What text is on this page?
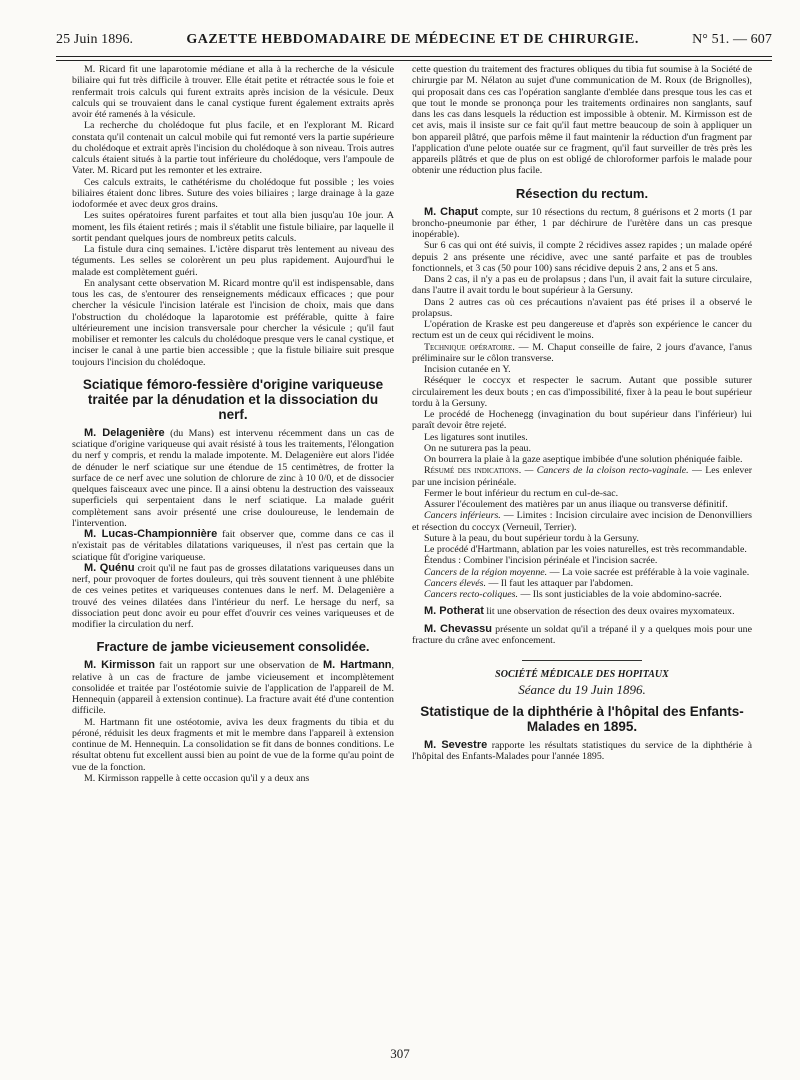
25 Juin 1896.	GAZETTE HEBDOMADAIRE DE MÉDECINE ET DE CHIRURGIE.	N° 51. — 607

M. Ricard fit une laparotomie médiane et alla à la recherche de la vésicule biliaire qui fut très difficile à trouver. Elle était petite et rétractée sous le foie et renfermait trois calculs qui furent extraits après incision de la vésicule. Deux calculs qui se trouvaient dans le canal cystique furent également extraits après avoir été ramenés à la vésicule.

La recherche du cholédoque fut plus facile, et en l'explorant M. Ricard constata qu'il contenait un calcul mobile qui fut remonté vers la partie supérieure du cholédoque et extrait après l'incision du cholédoque à son niveau. Trois autres calculs étaient situés à la partie tout inférieure du cholédoque, vers l'ampoule de Vater. M. Ricard put les remonter et les extraire.

Ces calculs extraits, le cathétérisme du cholédoque fut possible ; les voies biliaires étaient donc libres. Suture des voies biliaires ; large drainage à la gaze iodoformée et avec deux gros drains.

Les suites opératoires furent parfaites et tout alla bien jusqu'au 10e jour. A moment, les fils étaient retirés ; mais il s'établit une fistule biliaire, par laquelle il sortit pendant quelques jours de nombreux petits calculs.

La fistule dura cinq semaines. L'ictère disparut très lentement au niveau des téguments. Les selles se colorèrent un peu plus rapidement. Aujourd'hui le malade est complètement guéri.

En analysant cette observation M. Ricard montre qu'il est indispensable, dans tous les cas, de s'entourer des renseignements médicaux efficaces ; que pour chercher la vésicule l'incision latérale est l'incision de choix, mais que dans l'obstruction du cholédoque la laparotomie est préférable, quitte à faire ultérieurement une incision transversale pour chercher la vésicule ; qu'il faut mobiliser et remonter les calculs du cholédoque presque vers le canal cystique, et inciser le canal à une partie bien accessible ; que la fistule biliaire suit presque toujours l'incision du cholédoque.

Sciatique fémoro-fessière d'origine variqueuse traitée par la dénudation et la dissociation du nerf.

M. Delagenière (du Mans) est intervenu récemment dans un cas de sciatique d'origine variqueuse qui avait résisté à tous les traitements, l'élongation du nerf y compris, et rendu la malade impotente. M. Delagenière eut alors l'idée de dénuder le nerf sciatique sur une étendue de 15 centimètres, de frotter la surface de ce nerf avec une solution de chlorure de zinc à 10 0/0, et de dissocier quelques faisceaux avec une pince. Il a ainsi obtenu la destruction des vaisseaux superficiels qui serpentaient dans le nerf sciatique. La malade guérit complètement sans avoir présenté une crise douloureuse, le lendemain de l'intervention.

M. Lucas-Championnière fait observer que, comme dans ce cas il n'existait pas de véritables dilatations variqueuses, il n'est pas certain que la sciatique fût d'origine variqueuse.

M. Quénu croit qu'il ne faut pas de grosses dilatations variqueuses dans un nerf, pour provoquer de fortes douleurs, qui très souvent tiennent à une phlébite de ces veines petites et variqueuses contenues dans le nerf. M. Delagenière a trouvé des veines dilatées dans l'intérieur du nerf. Le hersage du nerf, sa dissociation peut donc avoir eu pour effet d'ouvrir ces veines variqueuses et de modifier la circulation du nerf.

Fracture de jambe vicieusement consolidée.

M. Kirmisson fait un rapport sur une observation de M. Hartmann, relative à un cas de fracture de jambe vicieusement et incomplètement consolidée et traitée par l'ostéotomie suivie de l'application de l'appareil de M. Hennequin (appareil à extension continue). La fracture avait été d'une contention difficile.

M. Hartmann fit une ostéotomie, aviva les deux fragments du tibia et du péroné, réduisit les deux fragments et mit le membre dans l'appareil à extension continue de M. Hennequin. La consolidation se fit dans de bonnes conditions. Le résultat obtenu fut excellent aussi bien au point de vue de la forme qu'au point de vue de la fonction.

M. Kirmisson rappelle à cette occasion qu'il y a deux ans

cette question du traitement des fractures obliques du tibia fut soumise à la Société de chirurgie par M. Nélaton au sujet d'une communication de M. Roux (de Brignolles), qui proposait dans ces cas l'opération sanglante d'emblée dans presque tous les cas et que tout le monde se prononça pour les traitements ordinaires non sanglants, sauf dans les cas dans lesquels la réduction est impossible à obtenir. M. Kirmisson est de cet avis, mais il insiste sur ce fait qu'il faut mettre beaucoup de soin à appliquer un bon appareil plâtré, que parfois même il faut maintenir la réduction d'un fragment par l'application d'une pelote ouatée sur ce fragment, qu'il faut surveiller de très près les appareils plâtrés et que de plus on est obligé de chloroformer parfois le malade pour obtenir une réduction plus facile.

Résection du rectum.

M. Chaput compte, sur 10 résections du rectum, 8 guérisons et 2 morts (1 par broncho-pneumonie par éther, 1 par déchirure de l'urètère dans un cas presque inopérable).

Sur 6 cas qui ont été suivis, il compte 2 récidives assez rapides ; un malade opéré depuis 2 ans présente une récidive, avec une santé parfaite et pas de troubles fonctionnels, et 3 cas (50 pour 100) sans récidive depuis 2 ans, 2 ans et 5 ans.

Dans 2 cas, il n'y a pas eu de prolapsus ; dans l'un, il avait fait la suture circulaire, dans l'autre il avait tordu le bout supérieur à la Gersuny.

Dans 2 autres cas où ces précautions n'avaient pas été prises il a observé le prolapsus.

L'opération de Kraske est peu dangereuse et d'après son expérience le cancer du rectum est un de ceux qui récidivent le moins.

Technique opératoire. — M. Chaput conseille de faire, 2 jours d'avance, l'anus préliminaire sur le côlon transverse.

Incision cutanée en Y.

Réséquer le coccyx et respecter le sacrum. Autant que possible suturer circulairement les deux bouts ; en cas d'impossibilité, fixer à la peau le bout supérieur tordu à la Gersuny.

Le procédé de Hochenegg (invagination du bout supérieur dans l'inférieur) lui paraît devoir être rejeté.

Les ligatures sont inutiles.

On ne suturera pas la peau.

On bourrera la plaie à la gaze aseptique imbibée d'une solution phéniquée faible.

Résumé des indications. — Cancers de la cloison recto-vaginale. — Les enlever par une incision périnéale.

Fermer le bout inférieur du rectum en cul-de-sac.

Assurer l'écoulement des matières par un anus iliaque ou transverse définitif.

Cancers inférieurs. — Limites : Incision circulaire avec incision de Denonvilliers et résection du coccyx (Verneuil, Terrier).

Suture à la peau, du bout supérieur tordu à la Gersuny.

Le procédé d'Hartmann, ablation par les voies naturelles, est très recommandable.

Étendus : Combiner l'incision périnéale et l'incision sacrée.

Cancers de la région moyenne. — La voie sacrée est préférable à la voie vaginale.

Cancers élevés. — Il faut les attaquer par l'abdomen.

Cancers recto-coliques. — Ils sont justiciables de la voie abdomino-sacrée.

M. Potherat lit une observation de résection des deux ovaires myxomateux.

M. Chevassu présente un soldat qu'il a trépané il y a quelques mois pour une fracture du crâne avec enfoncement.

SOCIÉTÉ MÉDICALE DES HOPITAUX
Séance du 19 Juin 1896.
Statistique de la diphthérie à l'hôpital des Enfants-Malades en 1895.

M. Sevestre rapporte les résultats statistiques du service de la diphthérie à l'hôpital des Enfants-Malades pour l'année 1895.

307
